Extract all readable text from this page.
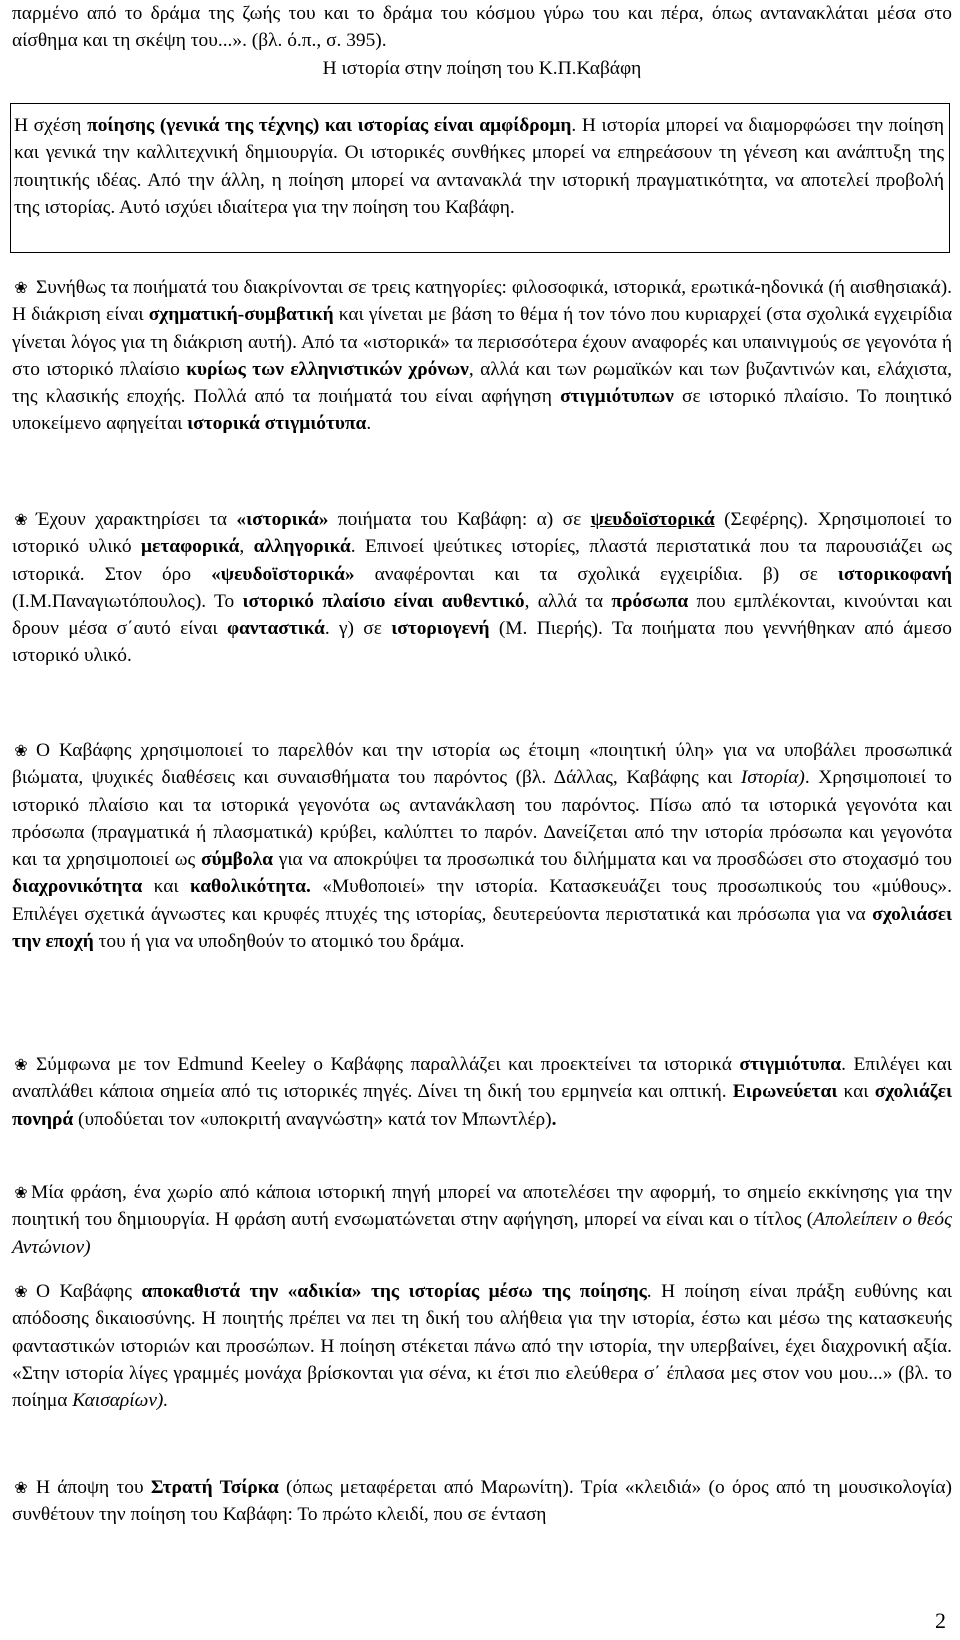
παρμένο από το δράμα της ζωής του και το δράμα του κόσμου γύρω του και πέρα, όπως αντανακλάται μέσα στο αίσθημα και τη σκέψη του...». (βλ. ό.π., σ. 395).
Η ιστορία στην ποίηση του Κ.Π.Καβάφη

Η σχέση ποίησης (γενικά της τέχνης) και ιστορίας είναι αμφίδρομη. Η ιστορία μπορεί να διαμορφώσει την ποίηση και γενικά την καλλιτεχνική δημιουργία. Οι ιστορικές συνθήκες μπορεί να επηρεάσουν τη γένεση και ανάπτυξη της ποιητικής ιδέας. Από την άλλη, η ποίηση μπορεί να αντανακλά την ιστορική πραγματικότητα, να αποτελεί προβολή της ιστορίας. Αυτό ισχύει ιδιαίτερα για την ποίηση του Καβάφη.

❀ Συνήθως τα ποιήματά του διακρίνονται σε τρεις κατηγορίες: φιλοσοφικά, ιστορικά, ερωτικά-ηδονικά (ή αισθησιακά). Η διάκριση είναι σχηματική-συμβατική και γίνεται με βάση το θέμα ή τον τόνο που κυριαρχεί (στα σχολικά εγχειρίδια γίνεται λόγος για τη διάκριση αυτή). Από τα «ιστορικά» τα περισσότερα έχουν αναφορές και υπαινιγμούς σε γεγονότα ή στο ιστορικό πλαίσιο κυρίως των ελληνιστικών χρόνων, αλλά και των ρωμαϊκών και των βυζαντινών και, ελάχιστα, της κλασικής εποχής. Πολλά από τα ποιήματά του είναι αφήγηση στιγμιότυπων σε ιστορικό πλαίσιο. Το ποιητικό υποκείμενο αφηγείται ιστορικά στιγμιότυπα.

❀ Έχουν χαρακτηρίσει τα «ιστορικά» ποιήματα του Καβάφη: α) σε ψευδοϊστορικά (Σεφέρης). Χρησιμοποιεί το ιστορικό υλικό μεταφορικά, αλληγορικά. Επινοεί ψεύτικες ιστορίες, πλαστά περιστατικά που τα παρουσιάζει ως ιστορικά. Στον όρο «ψευδοϊστορικά» αναφέρονται και τα σχολικά εγχειρίδια. β) σε ιστορικοφανή (Ι.Μ.Παναγιωτόπουλος). Το ιστορικό πλαίσιο είναι αυθεντικό, αλλά τα πρόσωπα που εμπλέκονται, κινούνται και δρουν μέσα σ΄αυτό είναι φανταστικά. γ) σε ιστοριογενή (Μ. Πιερής). Τα ποιήματα που γεννήθηκαν από άμεσο ιστορικό υλικό.

❀ Ο Καβάφης χρησιμοποιεί το παρελθόν και την ιστορία ως έτοιμη «ποιητική ύλη» για να υποβάλει προσωπικά βιώματα, ψυχικές διαθέσεις και συναισθήματα του παρόντος (βλ. Δάλλας, Καβάφης και Ιστορία). Χρησιμοποιεί το ιστορικό πλαίσιο και τα ιστορικά γεγονότα ως αντανάκλαση του παρόντος. Πίσω από τα ιστορικά γεγονότα και πρόσωπα (πραγματικά ή πλασματικά) κρύβει, καλύπτει το παρόν. Δανείζεται από την ιστορία πρόσωπα και γεγονότα και τα χρησιμοποιεί ως σύμβολα για να αποκρύψει τα προσωπικά του διλήμματα και να προσδώσει στο στοχασμό του διαχρονικότητα και καθολικότητα. «Μυθοποιεί» την ιστορία. Κατασκευάζει τους προσωπικούς του «μύθους». Επιλέγει σχετικά άγνωστες και κρυφές πτυχές της ιστορίας, δευτερεύοντα περιστατικά και πρόσωπα για να σχολιάσει την εποχή του ή για να υποδηθούν το ατομικό του δράμα.

❀ Σύμφωνα με τον Edmund Keeley ο Καβάφης παραλλάζει και προεκτείνει τα ιστορικά στιγμιότυπα. Επιλέγει και αναπλάθει κάποια σημεία από τις ιστορικές πηγές. Δίνει τη δική του ερμηνεία και οπτική. Ειρωνεύεται και σχολιάζει πονηρά (υποδύεται τον «υποκριτή αναγνώστη» κατά τον Μπωντλέρ).

❀ Μία φράση, ένα χωρίο από κάποια ιστορική πηγή μπορεί να αποτελέσει την αφορμή, το σημείο εκκίνησης για την ποιητική του δημιουργία. Η φράση αυτή ενσωματώνεται στην αφήγηση, μπορεί να είναι και ο τίτλος (Απολείπειν ο θεός Αντώνιον)

❀ Ο Καβάφης αποκαθιστά την «αδικία» της ιστορίας μέσω της ποίησης. Η ποίηση είναι πράξη ευθύνης και απόδοσης δικαιοσύνης. Η ποιητής πρέπει να πει τη δική του αλήθεια για την ιστορία, έστω και μέσω της κατασκευής φανταστικών ιστοριών και προσώπων. Η ποίηση στέκεται πάνω από την ιστορία, την υπερβαίνει, έχει διαχρονική αξία. «Στην ιστορία λίγες γραμμές μονάχα βρίσκονται για σένα, κι έτσι πιο ελεύθερα σ΄ έπλασα μες στον νου μου...» (βλ. το ποίημα Καισαρίων).

❀ Η άποψη του Στρατή Τσίρκα (όπως μεταφέρεται από Μαρωνίτη). Τρία «κλειδιά» (ο όρος από τη μουσικολογία) συνθέτουν την ποίηση του Καβάφη: Το πρώτο κλειδί, που σε ένταση

2
